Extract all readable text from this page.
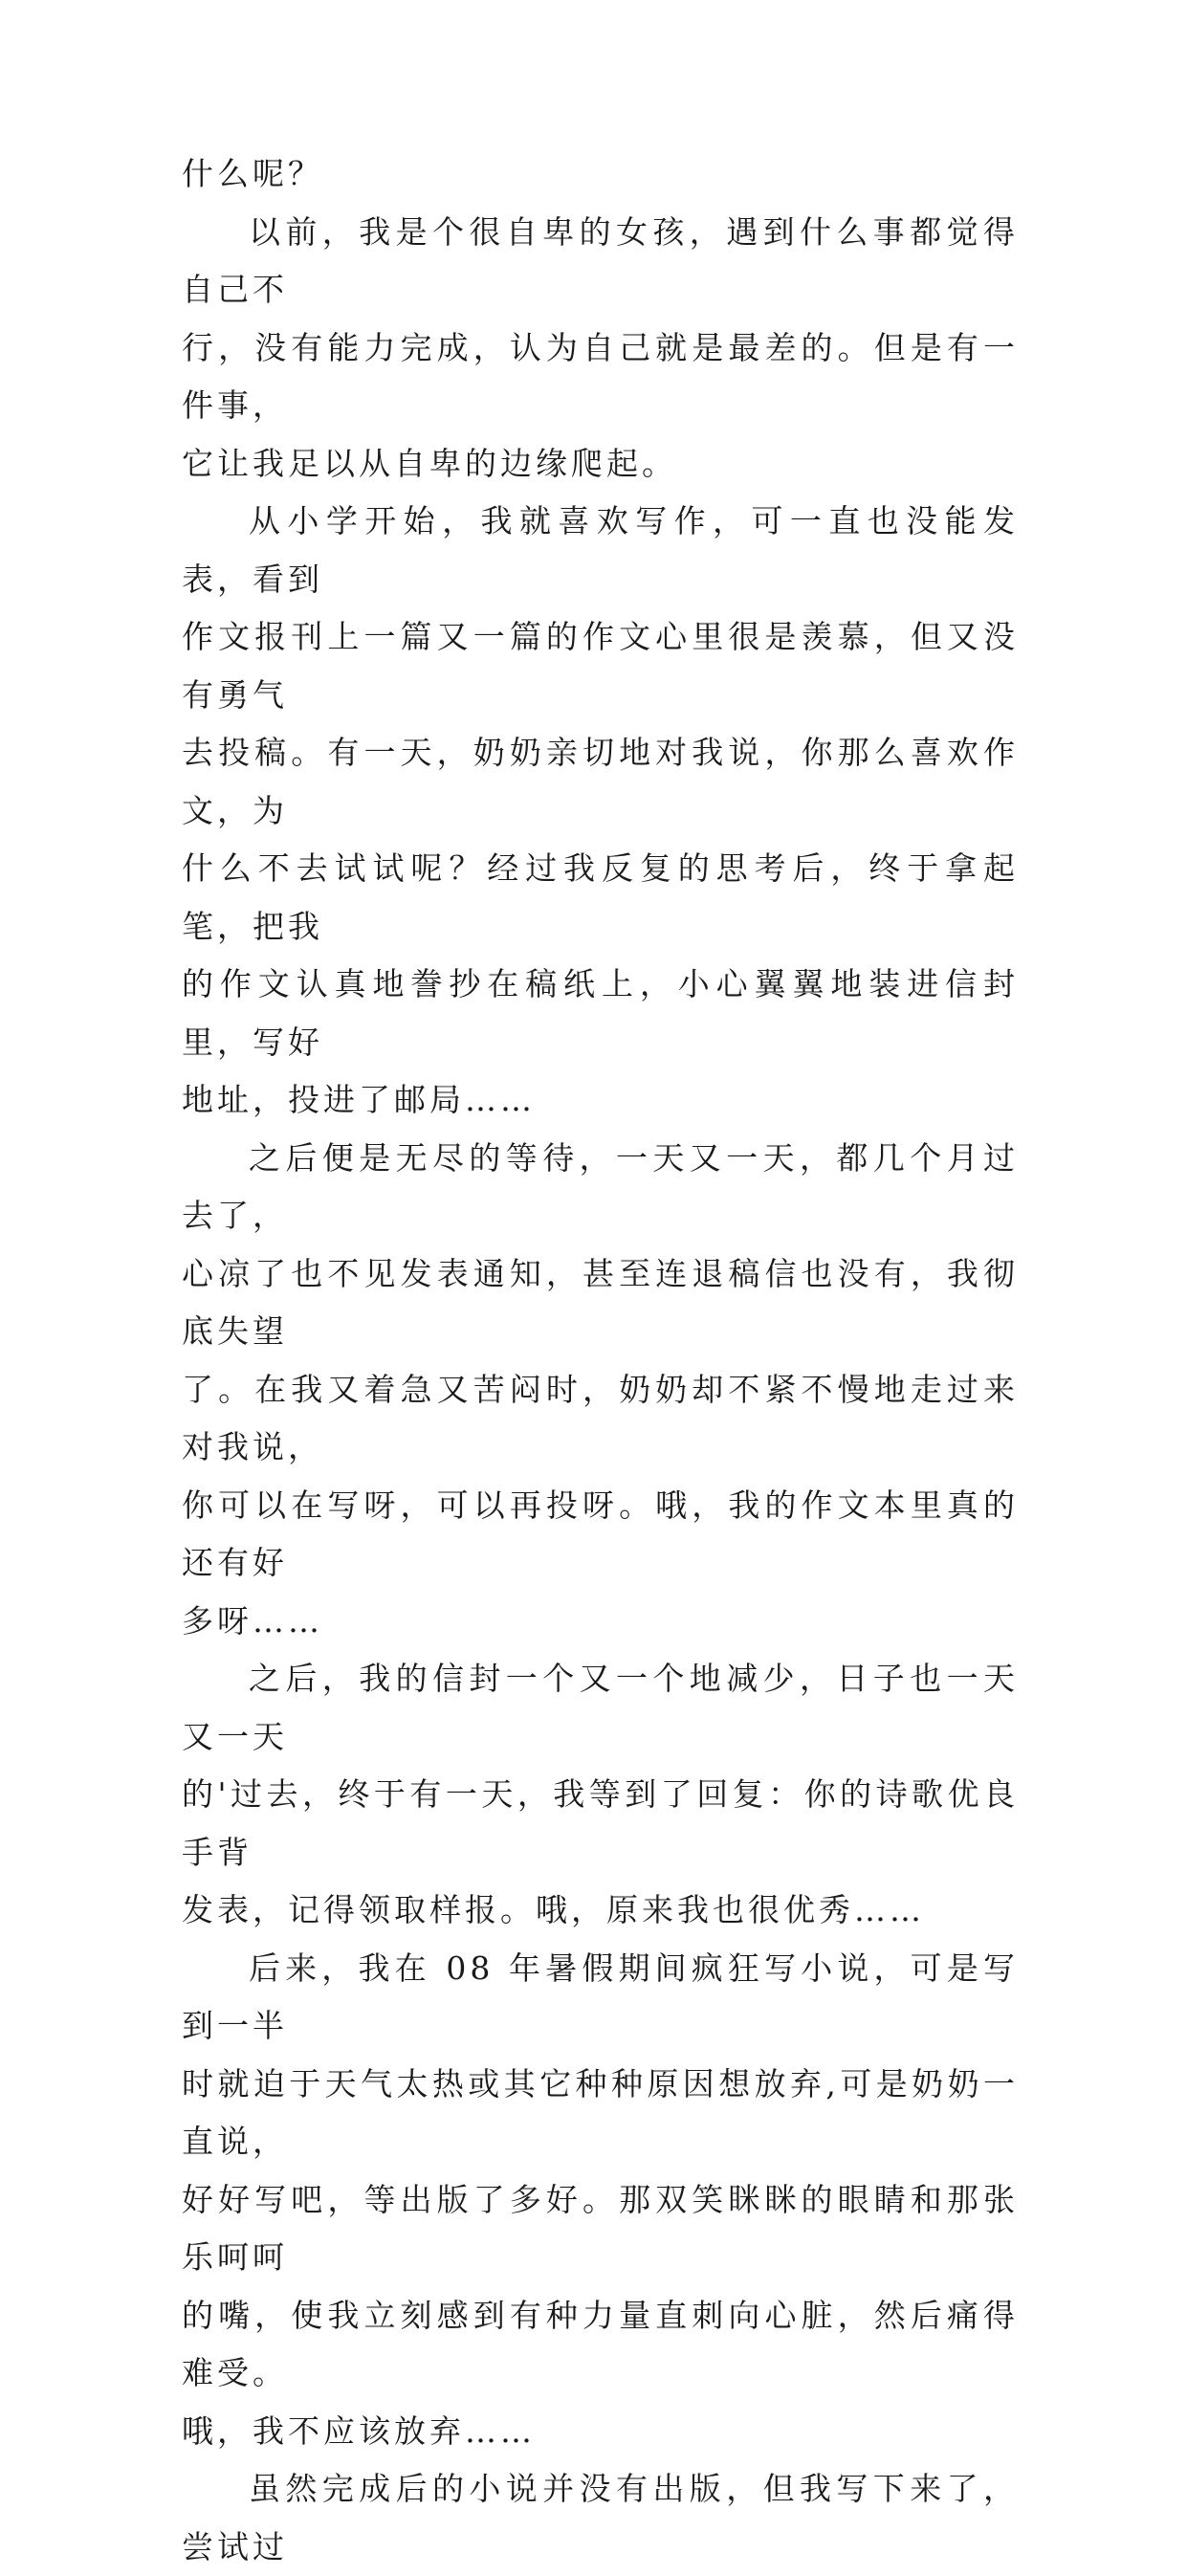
什么呢？

以前，我是个很自卑的女孩，遇到什么事都觉得自己不
行，没有能力完成，认为自己就是最差的。但是有一件事，
它让我足以从自卑的边缘爬起。

从小学开始，我就喜欢写作，可一直也没能发表，看到
作文报刊上一篇又一篇的作文心里很是羡慕，但又没有勇气
去投稿。有一天，奶奶亲切地对我说，你那么喜欢作文，为
什么不去试试呢？经过我反复的思考后，终于拿起笔，把我
的作文认真地誊抄在稿纸上，小心翼翼地装进信封里，写好
地址，投进了邮局……

之后便是无尽的等待，一天又一天，都几个月过去了，
心凉了也不见发表通知，甚至连退稿信也没有，我彻底失望
了。在我又着急又苦闷时，奶奶却不紧不慢地走过来对我说，
你可以在写呀，可以再投呀。哦，我的作文本里真的还有好
多呀……

之后，我的信封一个又一个地减少，日子也一天又一天
的'过去，终于有一天，我等到了回复：你的诗歌优良手背
发表，记得领取样报。哦，原来我也很优秀……

后来，我在 08 年暑假期间疯狂写小说，可是写到一半
时就迫于天气太热或其它种种原因想放弃,可是奶奶一直说，
好好写吧，等出版了多好。那双笑眯眯的眼睛和那张乐呵呵
的嘴，使我立刻感到有种力量直刺向心脏，然后痛得难受。
哦，我不应该放弃……

虽然完成后的小说并没有出版，但我写下来了，尝试过
